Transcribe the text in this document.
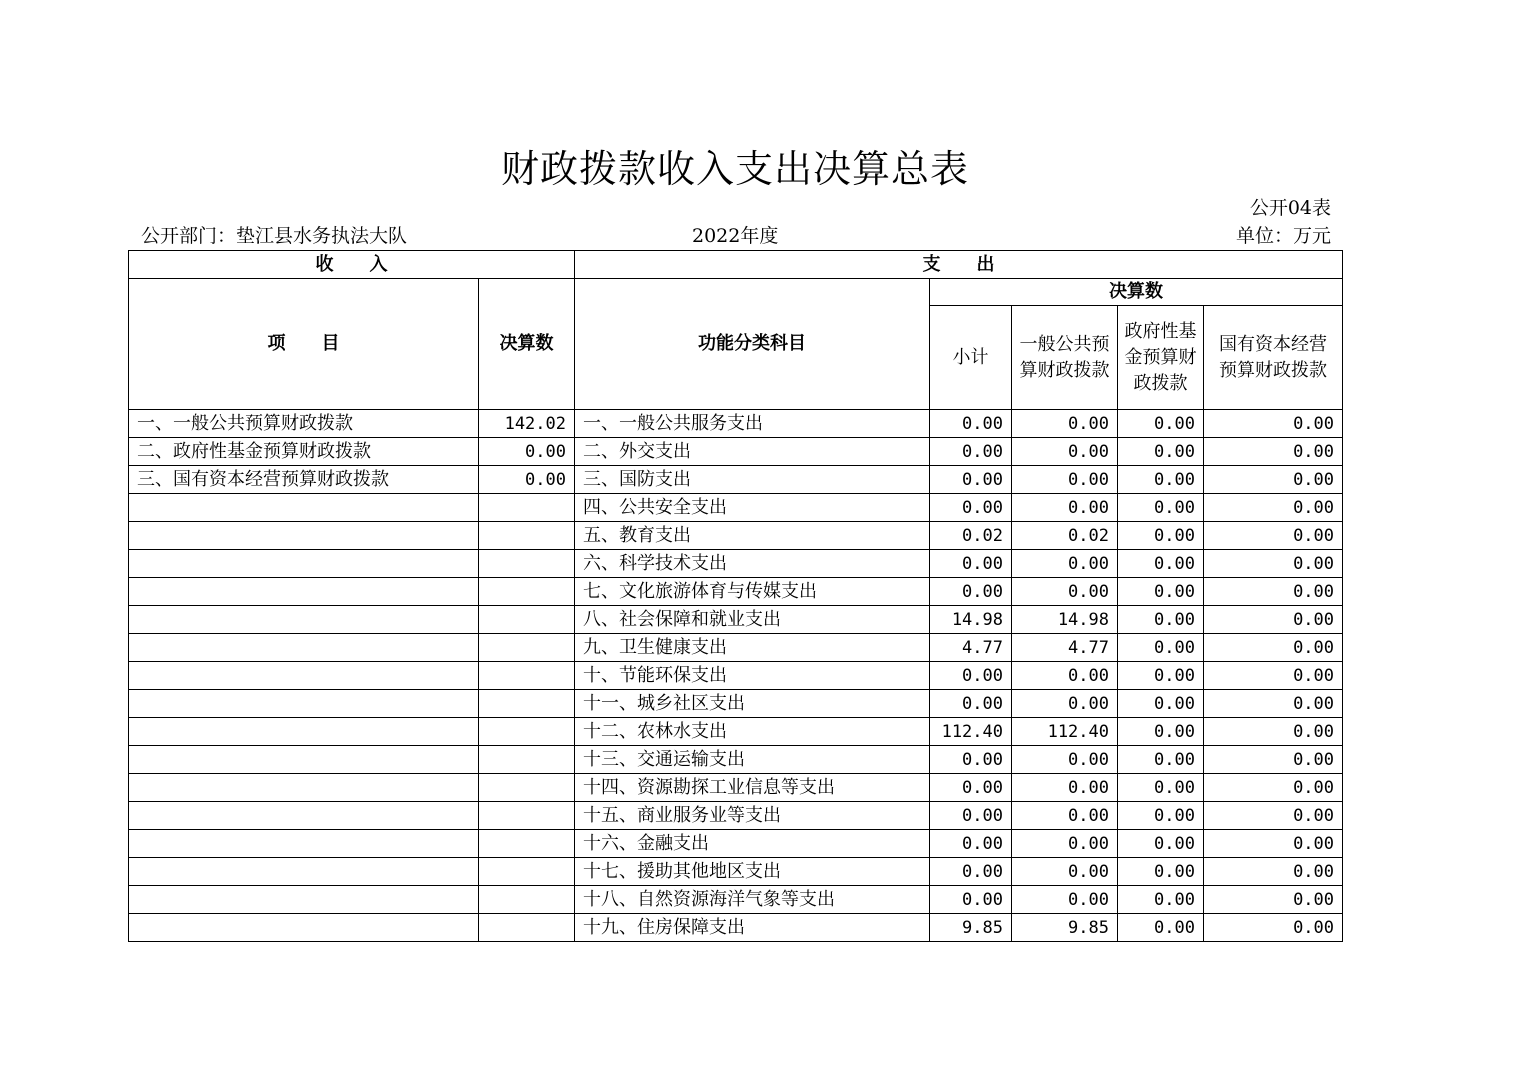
财政拨款收入支出决算总表
公开04表
公开部门：垫江县水务执法大队	2022年度	单位：万元
收　　入		支　　出				
项　　目	决算数	功能分类科目	决算数			
			小计	一般公共预算财政拨款	政府性基金预算财政拨款	国有资本经营预算财政拨款
一、一般公共预算财政拨款	142.02	一、一般公共服务支出	0.00	0.00	0.00	0.00
二、政府性基金预算财政拨款	0.00	二、外交支出	0.00	0.00	0.00	0.00
三、国有资本经营预算财政拨款	0.00	三、国防支出	0.00	0.00	0.00	0.00
		四、公共安全支出	0.00	0.00	0.00	0.00
		五、教育支出	0.02	0.02	0.00	0.00
		六、科学技术支出	0.00	0.00	0.00	0.00
		七、文化旅游体育与传媒支出	0.00	0.00	0.00	0.00
		八、社会保障和就业支出	14.98	14.98	0.00	0.00
		九、卫生健康支出	4.77	4.77	0.00	0.00
		十、节能环保支出	0.00	0.00	0.00	0.00
		十一、城乡社区支出	0.00	0.00	0.00	0.00
		十二、农林水支出	112.40	112.40	0.00	0.00
		十三、交通运输支出	0.00	0.00	0.00	0.00
		十四、资源勘探工业信息等支出	0.00	0.00	0.00	0.00
		十五、商业服务业等支出	0.00	0.00	0.00	0.00
		十六、金融支出	0.00	0.00	0.00	0.00
		十七、援助其他地区支出	0.00	0.00	0.00	0.00
		十八、自然资源海洋气象等支出	0.00	0.00	0.00	0.00
		十九、住房保障支出	9.85	9.85	0.00	0.00
